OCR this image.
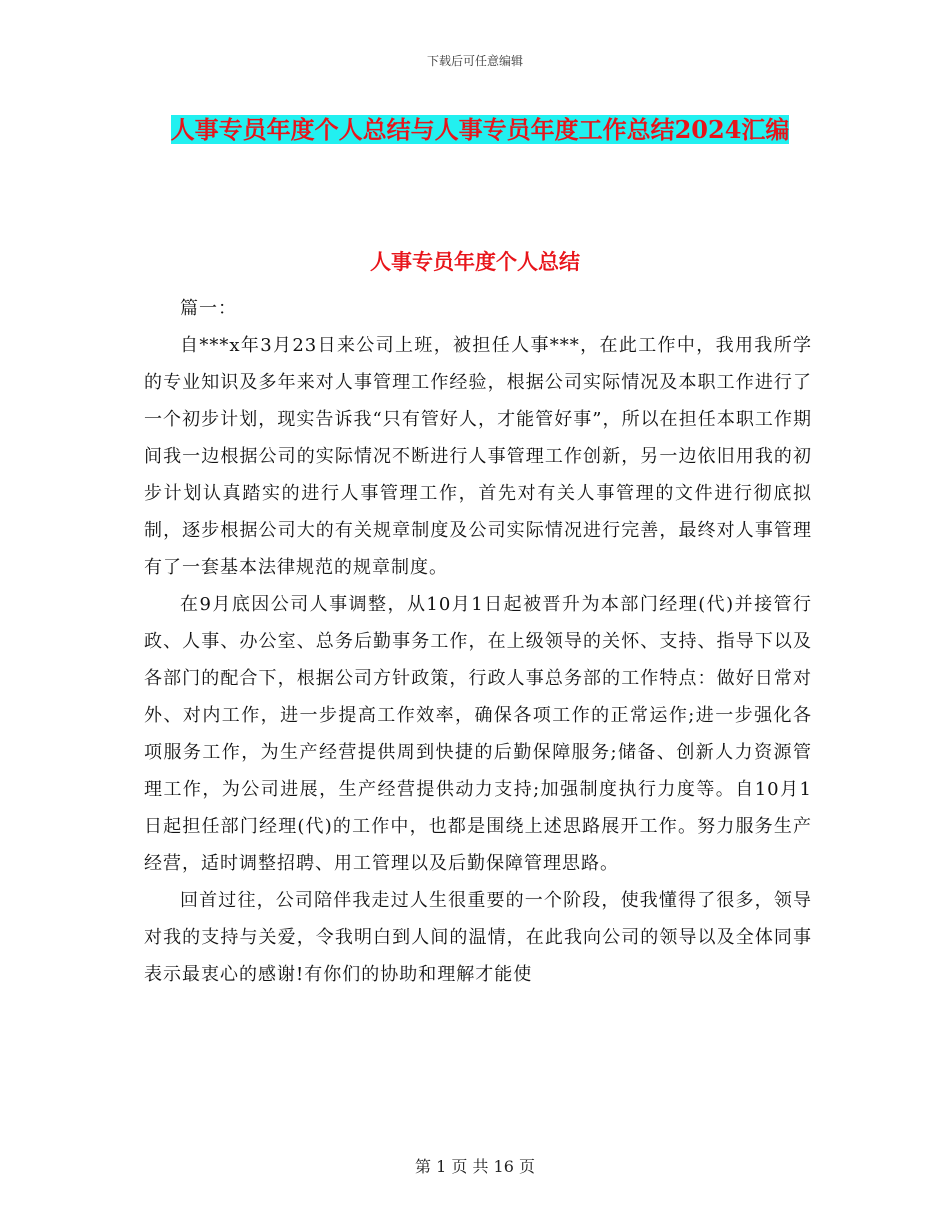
下载后可任意编辑
人事专员年度个人总结与人事专员年度工作总结2024汇编
人事专员年度个人总结

篇一：

自***x年3月23日来公司上班，被担任人事***，在此工作中，我用我所学的专业知识及多年来对人事管理工作经验，根据公司实际情况及本职工作进行了一个初步计划，现实告诉我“只有管好人，才能管好事”，所以在担任本职工作期间我一边根据公司的实际情况不断进行人事管理工作创新，另一边依旧用我的初步计划认真踏实的进行人事管理工作，首先对有关人事管理的文件进行彻底拟制，逐步根据公司大的有关规章制度及公司实际情况进行完善，最终对人事管理有了一套基本法律规范的规章制度。

在9月底因公司人事调整，从10月1日起被晋升为本部门经理(代)并接管行政、人事、办公室、总务后勤事务工作，在上级领导的关怀、支持、指导下以及各部门的配合下，根据公司方针政策，行政人事总务部的工作特点：做好日常对外、对内工作，进一步提高工作效率，确保各项工作的正常运作;进一步强化各项服务工作，为生产经营提供周到快捷的后勤保障服务;储备、创新人力资源管理工作，为公司进展，生产经营提供动力支持;加强制度执行力度等。自10月1日起担任部门经理(代)的工作中，也都是围绕上述思路展开工作。努力服务生产经营，适时调整招聘、用工管理以及后勤保障管理思路。

回首过往，公司陪伴我走过人生很重要的一个阶段，使我懂得了很多，领导对我的支持与关爱，令我明白到人间的温情，在此我向公司的领导以及全体同事表示最衷心的感谢!有你们的协助和理解才能使

第 1 页 共 16 页
